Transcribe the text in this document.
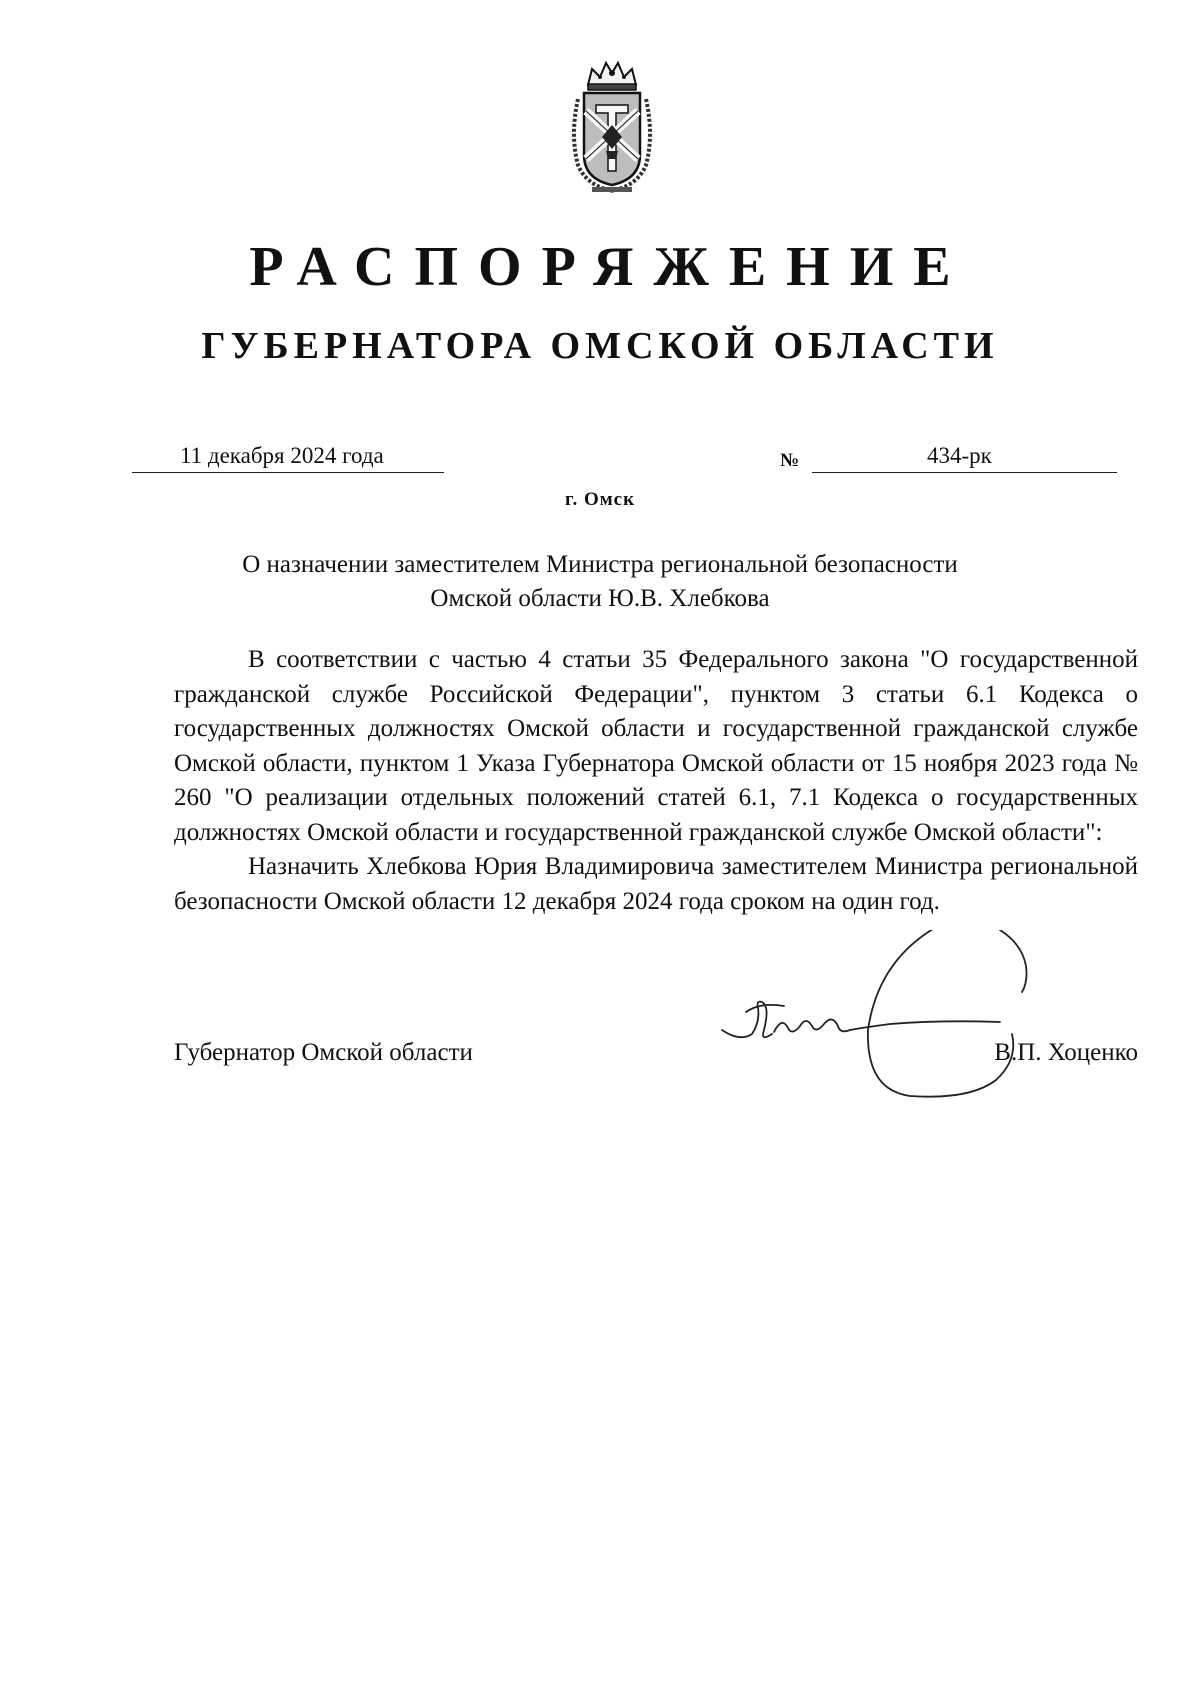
РАСПОРЯЖЕНИЕ
ГУБЕРНАТОРА ОМСКОЙ ОБЛАСТИ
11 декабря 2024 года	№	434-рк
г. Омск
О назначении заместителем Министра региональной безопасности
Омской области Ю.В. Хлебкова

В соответствии с частью 4 статьи 35 Федерального закона "О государственной гражданской службе Российской Федерации", пунктом 3 статьи 6.1 Кодекса о государственных должностях Омской области и государственной гражданской службе Омской области, пунктом 1 Указа Губернатора Омской области от 15 ноября 2023 года № 260 "О реализации отдельных положений статей 6.1, 7.1 Кодекса о государственных должностях Омской области и государственной гражданской службе Омской области":

Назначить Хлебкова Юрия Владимировича заместителем Министра региональной безопасности Омской области 12 декабря 2024 года сроком на один год.

Губернатор Омской области	В.П. Хоценко
